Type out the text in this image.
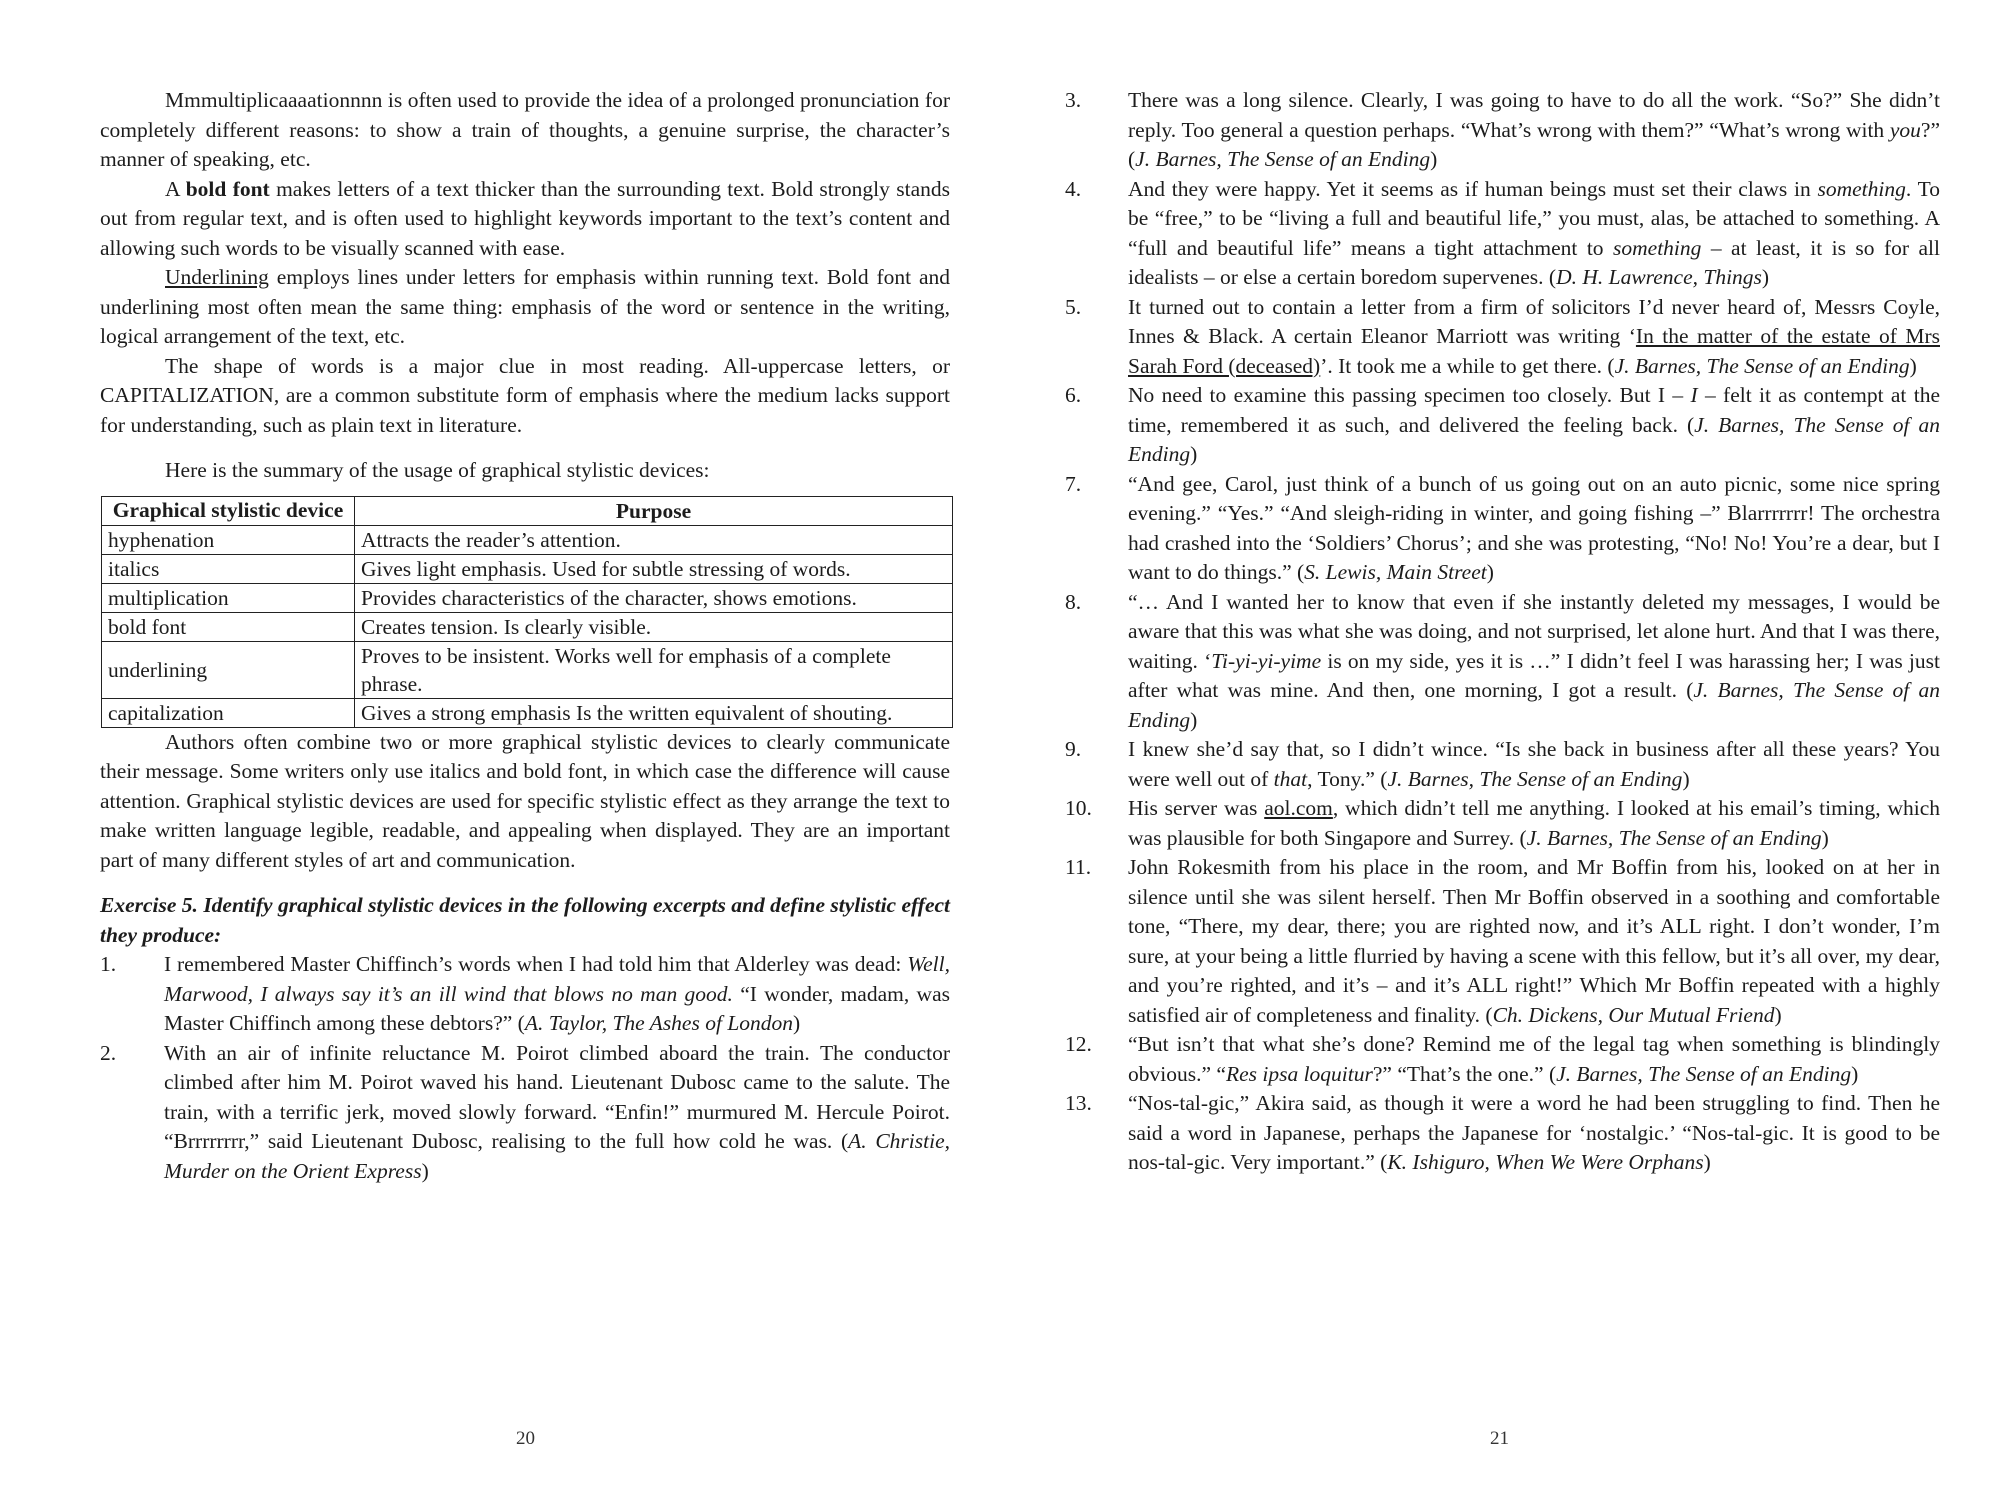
Mmmultiplicaaaationnnn is often used to provide the idea of a prolonged pronunciation for completely different reasons: to show a train of thoughts, a genuine surprise, the character’s manner of speaking, etc.

A bold font makes letters of a text thicker than the surrounding text. Bold strongly stands out from regular text, and is often used to highlight keywords important to the text’s content and allowing such words to be visually scanned with ease.

Underlining employs lines under letters for emphasis within running text. Bold font and underlining most often mean the same thing: emphasis of the word or sentence in the writing, logical arrangement of the text, etc.

The shape of words is a major clue in most reading. All-uppercase letters, or CAPITALIZATION, are a common substitute form of emphasis where the medium lacks support for understanding, such as plain text in literature.

Here is the summary of the usage of graphical stylistic devices:

Graphical stylistic device	Purpose
hyphenation	Attracts the reader’s attention.
italics	Gives light emphasis. Used for subtle stressing of words.
multiplication	Provides characteristics of the character, shows emotions.
bold font	Creates tension. Is clearly visible.
underlining	Proves to be insistent. Works well for emphasis of a complete phrase.
capitalization	Gives a strong emphasis Is the written equivalent of shouting.

Authors often combine two or more graphical stylistic devices to clearly communicate their message. Some writers only use italics and bold font, in which case the difference will cause attention. Graphical stylistic devices are used for specific stylistic effect as they arrange the text to make written language legible, readable, and appealing when displayed. They are an important part of many different styles of art and communication.

Exercise 5. Identify graphical stylistic devices in the following excerpts and define stylistic effect they produce:

1.	I remembered Master Chiffinch’s words when I had told him that Alderley was dead: Well, Marwood, I always say it’s an ill wind that blows no man good. “I wonder, madam, was Master Chiffinch among these debtors?” (A. Taylor, The Ashes of London)
2.	With an air of infinite reluctance M. Poirot climbed aboard the train. The conductor climbed after him M. Poirot waved his hand. Lieutenant Dubosc came to the salute. The train, with a terrific jerk, moved slowly forward. “Enfin!” murmured M. Hercule Poirot. “Brrrrrrrr,” said Lieutenant Dubosc, realising to the full how cold he was. (A. Christie, Murder on the Orient Express)
20
3.	There was a long silence. Clearly, I was going to have to do all the work. “So?” She didn’t reply. Too general a question perhaps. “What’s wrong with them?” “What’s wrong with you?” (J. Barnes, The Sense of an Ending)
4.	And they were happy. Yet it seems as if human beings must set their claws in something. To be “free,” to be “living a full and beautiful life,” you must, alas, be attached to something. A “full and beautiful life” means a tight attachment to something – at least, it is so for all idealists – or else a certain boredom supervenes. (D. H. Lawrence, Things)
5.	It turned out to contain a letter from a firm of solicitors I’d never heard of, Messrs Coyle, Innes & Black. A certain Eleanor Marriott was writing ‘In the matter of the estate of Mrs Sarah Ford (deceased)’. It took me a while to get there. (J. Barnes, The Sense of an Ending)
6.	No need to examine this passing specimen too closely. But I – I – felt it as contempt at the time, remembered it as such, and delivered the feeling back. (J. Barnes, The Sense of an Ending)
7.	“And gee, Carol, just think of a bunch of us going out on an auto picnic, some nice spring evening.” “Yes.” “And sleigh-riding in winter, and going fishing –” Blarrrrrrr! The orchestra had crashed into the ‘Soldiers’ Chorus’; and she was protesting, “No! No! You’re a dear, but I want to do things.” (S. Lewis, Main Street)
8.	“… And I wanted her to know that even if she instantly deleted my messages, I would be aware that this was what she was doing, and not surprised, let alone hurt. And that I was there, waiting. ‘Ti-yi-yi-yime is on my side, yes it is …” I didn’t feel I was harassing her; I was just after what was mine. And then, one morning, I got a result. (J. Barnes, The Sense of an Ending)
9.	I knew she’d say that, so I didn’t wince. “Is she back in business after all these years? You were well out of that, Tony.” (J. Barnes, The Sense of an Ending)
10.	His server was aol.com, which didn’t tell me anything. I looked at his email’s timing, which was plausible for both Singapore and Surrey. (J. Barnes, The Sense of an Ending)
11.	John Rokesmith from his place in the room, and Mr Boffin from his, looked on at her in silence until she was silent herself. Then Mr Boffin observed in a soothing and comfortable tone, “There, my dear, there; you are righted now, and it’s ALL right. I don’t wonder, I’m sure, at your being a little flurried by having a scene with this fellow, but it’s all over, my dear, and you’re righted, and it’s – and it’s ALL right!” Which Mr Boffin repeated with a highly satisfied air of completeness and finality. (Ch. Dickens, Our Mutual Friend)
12.	“But isn’t that what she’s done? Remind me of the legal tag when something is blindingly obvious.” “Res ipsa loquitur?” “That’s the one.” (J. Barnes, The Sense of an Ending)
13.	“Nos-tal-gic,” Akira said, as though it were a word he had been struggling to find. Then he said a word in Japanese, perhaps the Japanese for ‘nostalgic.’ “Nos-tal-gic. It is good to be nos-tal-gic. Very important.” (K. Ishiguro, When We Were Orphans)
21
